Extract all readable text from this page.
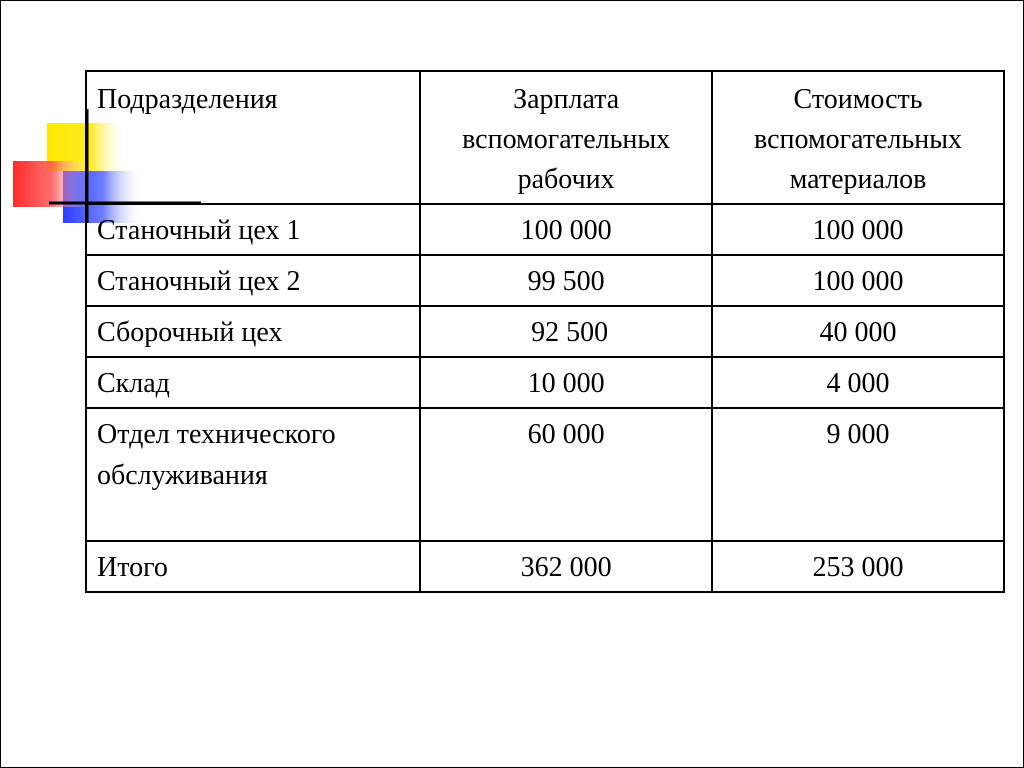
Подразделения	Зарплата вспомогательных рабочих	Стоимость вспомогательных материалов
Станочный цех 1	100 000	100 000
Станочный цех 2	99 500	100 000
Сборочный цех	92 500	40 000
Склад	10 000	4 000
Отдел технического обслуживания	60 000	9 000
Итого	362 000	253 000
